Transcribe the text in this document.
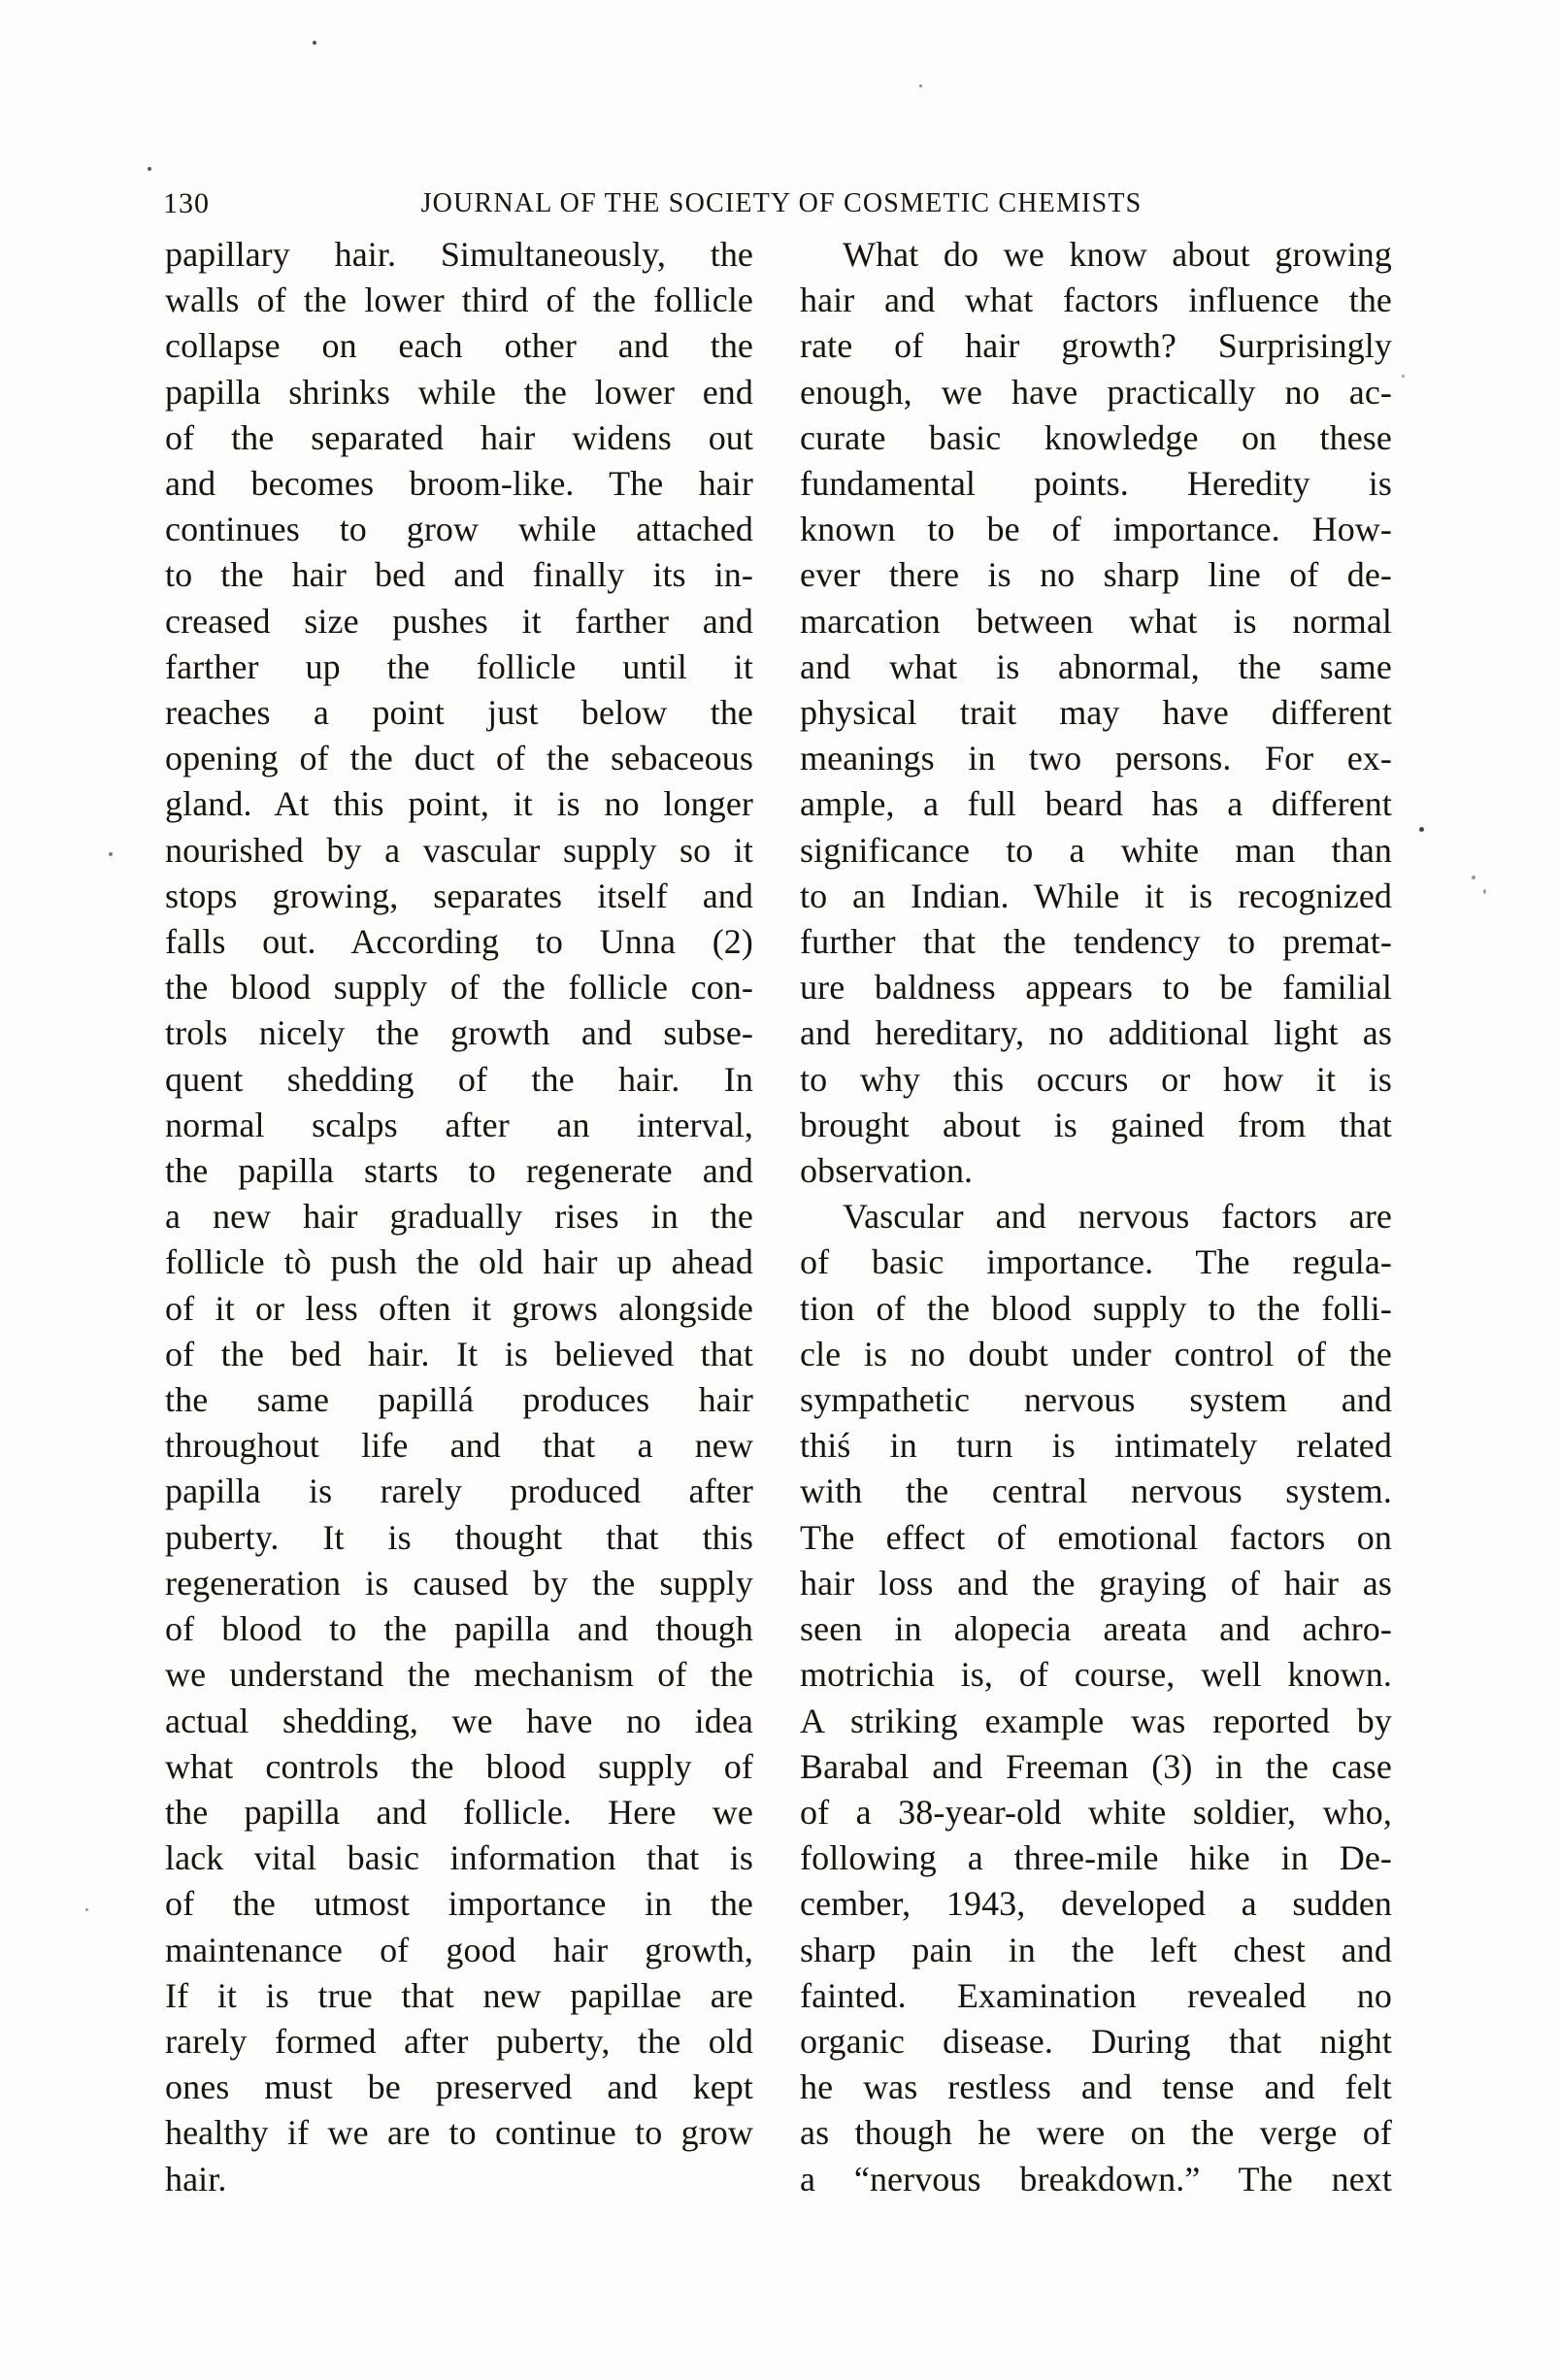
130	JOURNAL OF THE SOCIETY OF COSMETIC CHEMISTS
papillary hair. Simultaneously, the
walls of the lower third of the follicle
collapse on each other and the
papilla shrinks while the lower end
of the separated hair widens out
and becomes broom-like. The hair
continues to grow while attached
to the hair bed and finally its in-
creased size pushes it farther and
farther up the follicle until it
reaches a point just below the
opening of the duct of the sebaceous
gland. At this point, it is no longer
nourished by a vascular supply so it
stops growing, separates itself and
falls out. According to Unna (2)
the blood supply of the follicle con-
trols nicely the growth and subse-
quent shedding of the hair. In
normal scalps after an interval,
the papilla starts to regenerate and
a new hair gradually rises in the
follicle tò push the old hair up ahead
of it or less often it grows alongside
of the bed hair. It is believed that
the same papillá produces hair
throughout life and that a new
papilla is rarely produced after
puberty. It is thought that this
regeneration is caused by the supply
of blood to the papilla and though
we understand the mechanism of the
actual shedding, we have no idea
what controls the blood supply of
the papilla and follicle. Here we
lack vital basic information that is
of the utmost importance in the
maintenance of good hair growth,
If it is true that new papillae are
rarely formed after puberty, the old
ones must be preserved and kept
healthy if we are to continue to grow
hair.
What do we know about growing
hair and what factors influence the
rate of hair growth? Surprisingly
enough, we have practically no ac-
curate basic knowledge on these
fundamental points. Heredity is
known to be of importance. How-
ever there is no sharp line of de-
marcation between what is normal
and what is abnormal, the same
physical trait may have different
meanings in two persons. For ex-
ample, a full beard has a different
significance to a white man than
to an Indian. While it is recognized
further that the tendency to premat-
ure baldness appears to be familial
and hereditary, no additional light as
to why this occurs or how it is
brought about is gained from that
observation.
Vascular and nervous factors are
of basic importance. The regula-
tion of the blood supply to the folli-
cle is no doubt under control of the
sympathetic nervous system and
thiś in turn is intimately related
with the central nervous system.
The effect of emotional factors on
hair loss and the graying of hair as
seen in alopecia areata and achro-
motrichia is, of course, well known.
A striking example was reported by
Barabal and Freeman (3) in the case
of a 38-year-old white soldier, who,
following a three-mile hike in De-
cember, 1943, developed a sudden
sharp pain in the left chest and
fainted. Examination revealed no
organic disease. During that night
he was restless and tense and felt
as though he were on the verge of
a “nervous breakdown.” The next
